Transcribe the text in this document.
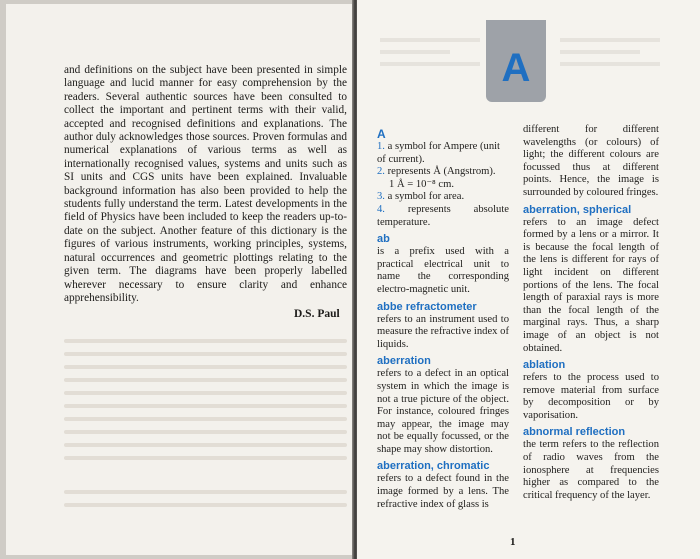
and definitions on the subject have been presented in simple language and lucid manner for easy comprehension by the readers. Several authentic sources have been consulted to collect the important and pertinent terms with their valid, accepted and recognised definitions and explanations. The author duly acknowledges those sources. Proven formulas and numerical explanations of various terms as well as internationally recognised values, systems and units such as SI units and CGS units have been explained. Invaluable background information has also been provided to help the students fully understand the term. Latest developments in the field of Physics have been included to keep the readers up-to-date on the subject. Another feature of this dictionary is the figures of various instruments, working principles, systems, natural occurrences and geometric plottings relating to the given term. The diagrams have been properly labelled wherever necessary to ensure clarity and enhance apprehensibility.

D.S. Paul
A
A
1. a symbol for Ampere (unit of current).
2. represents Å (Angstrom).
1 Å = 10⁻⁸ cm.
3. a symbol for area.
4. represents absolute temperature.
ab
is a prefix used with a practical electrical unit to name the corresponding electro-magnetic unit.
abbe refractometer
refers to an instrument used to measure the refractive index of liquids.
aberration
refers to a defect in an optical system in which the image is not a true picture of the object. For instance, coloured fringes may appear, the image may not be equally focussed, or the shape may show distortion.
aberration, chromatic
refers to a defect found in the image formed by a lens. The refractive index of glass is
different for different wavelengths (or colours) of light; the different colours are focussed thus at different points. Hence, the image is surrounded by coloured fringes.
aberration, spherical
refers to an image defect formed by a lens or a mirror. It is because the focal length of the lens is different for rays of light incident on different portions of the lens. The focal length of paraxial rays is more than the focal length of the marginal rays. Thus, a sharp image of an object is not obtained.
ablation
refers to the process used to remove material from surface by decomposition or by vaporisation.
abnormal reflection
the term refers to the reflection of radio waves from the ionosphere at frequencies higher as compared to the critical frequency of the layer.
1
